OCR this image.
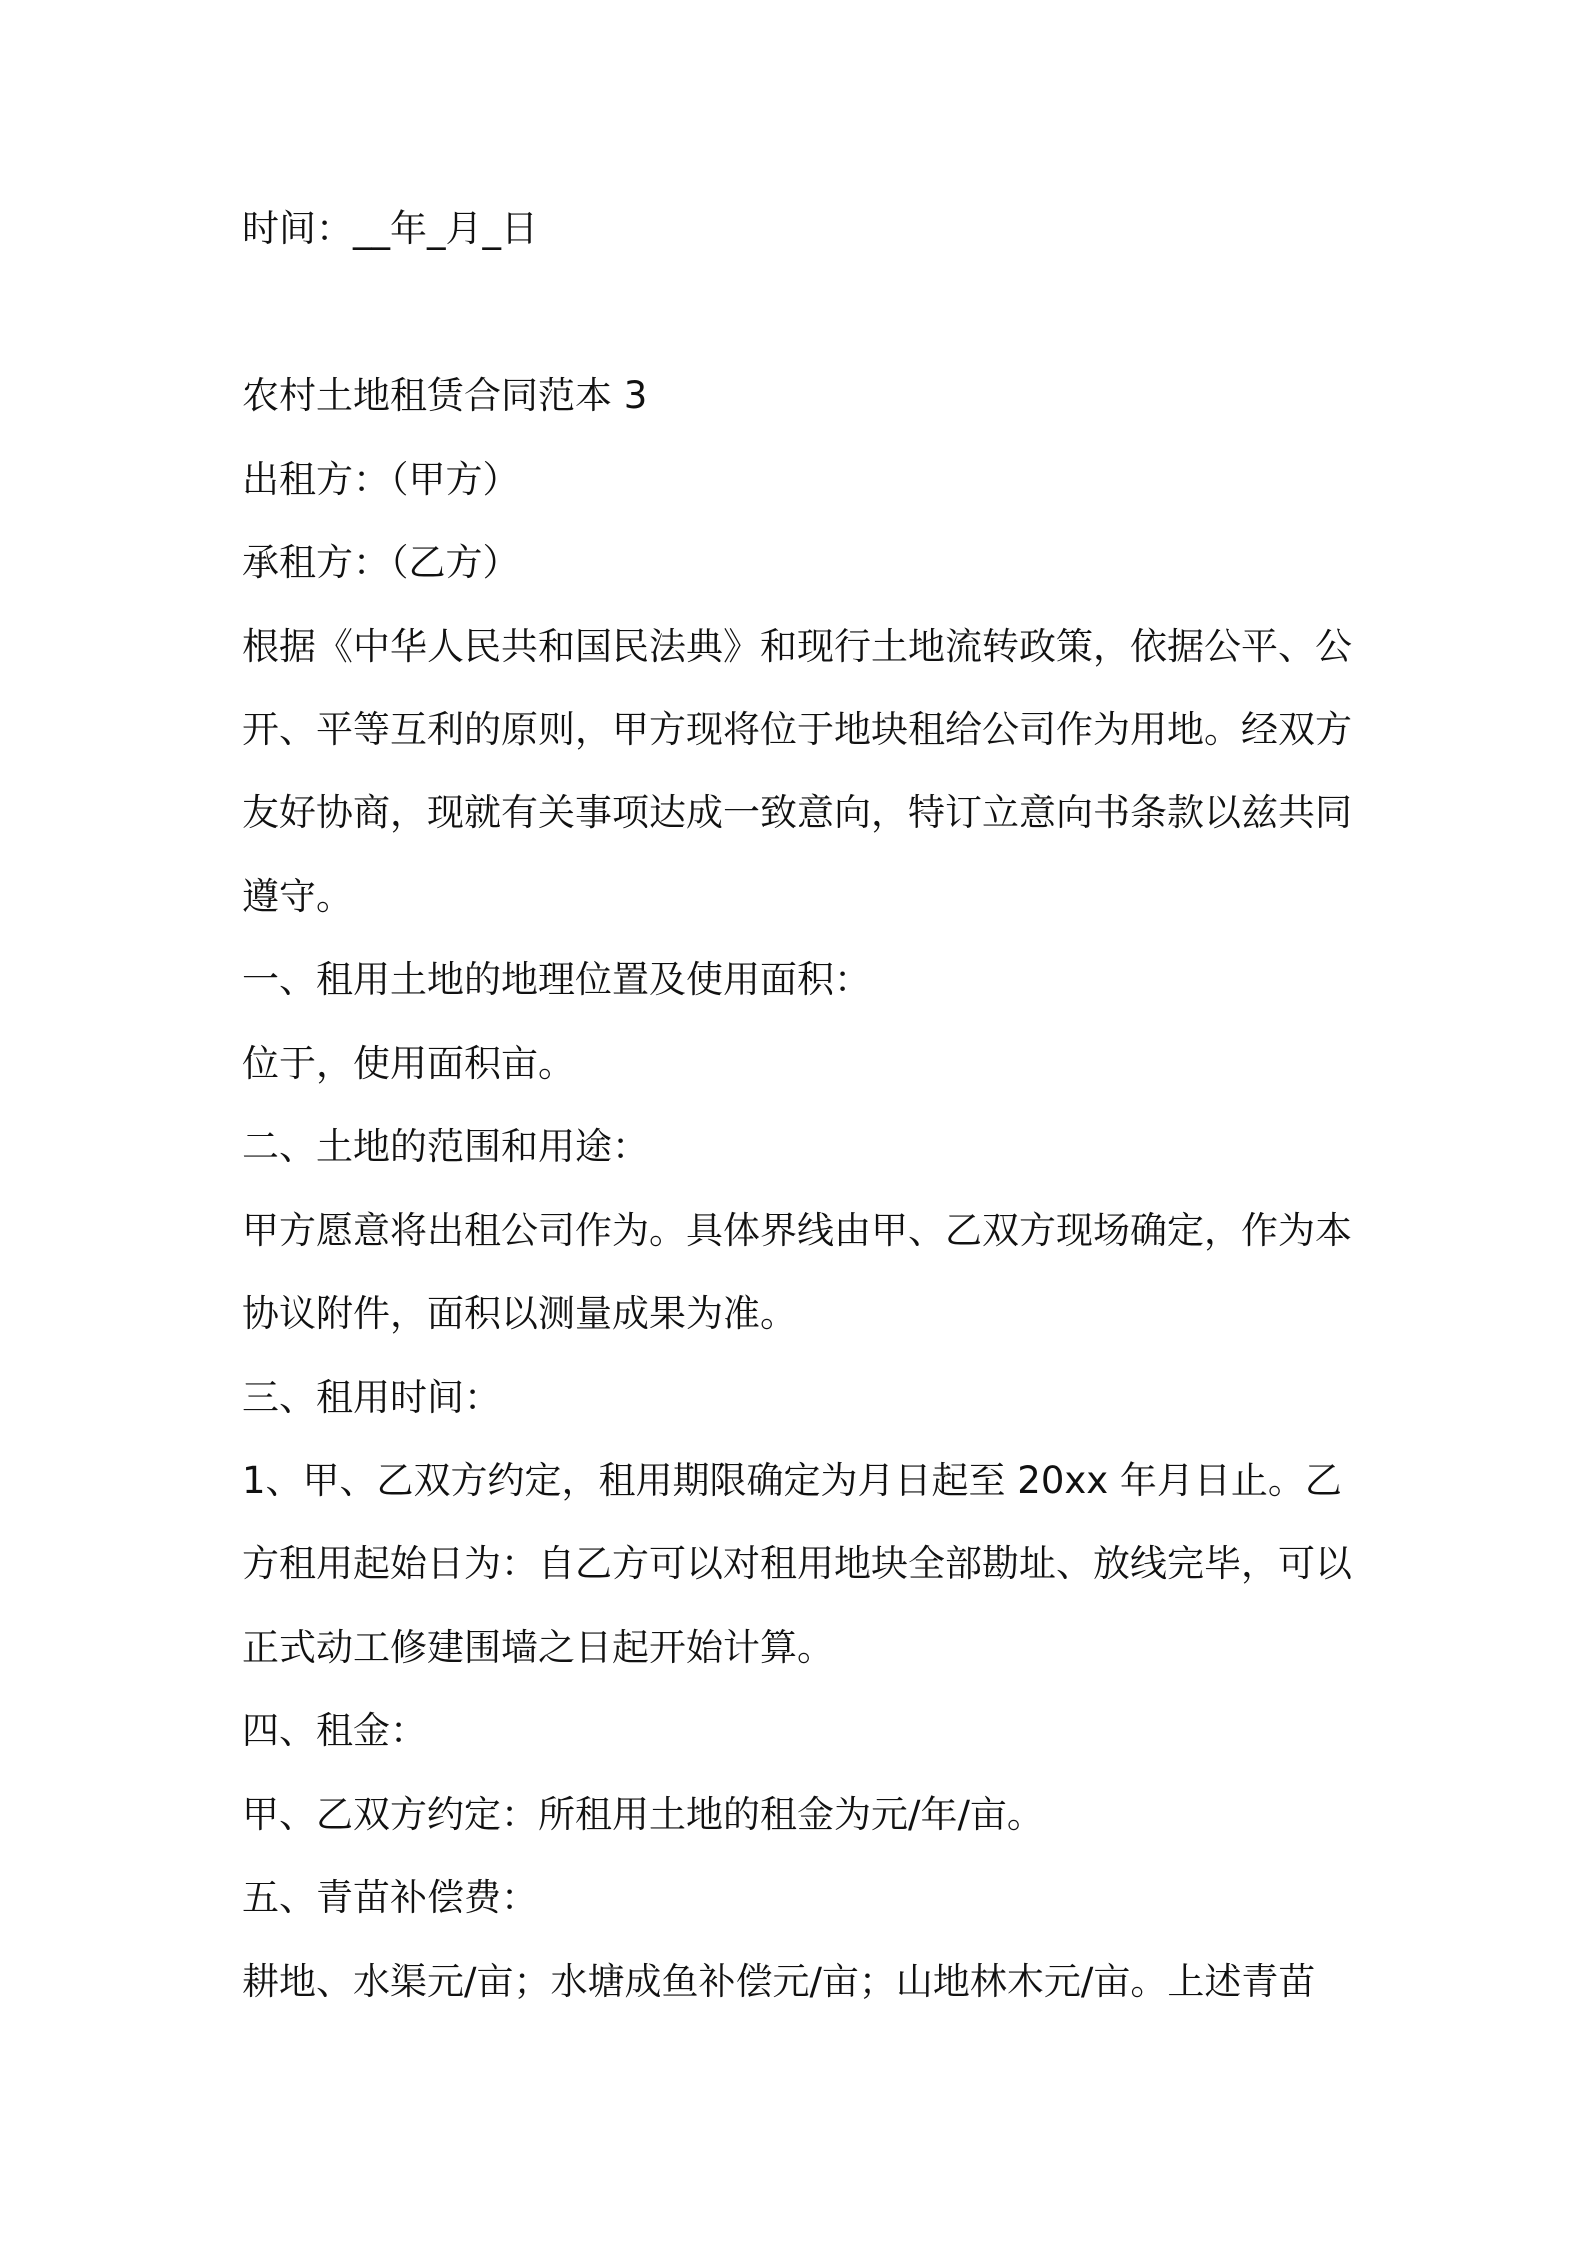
时间：__年_月_日
农村土地租赁合同范本 3
出租方：（甲方）
承租方：（乙方）
根据《中华人民共和国民法典》和现行土地流转政策，依据公平、公
开、平等互利的原则，甲方现将位于地块租给公司作为用地。经双方
友好协商，现就有关事项达成一致意向，特订立意向书条款以兹共同
遵守。
一、租用土地的地理位置及使用面积：
位于，使用面积亩。
二、土地的范围和用途：
甲方愿意将出租公司作为。具体界线由甲、乙双方现场确定，作为本
协议附件，面积以测量成果为准。
三、租用时间：
1、甲、乙双方约定，租用期限确定为月日起至 20xx 年月日止。乙
方租用起始日为：自乙方可以对租用地块全部勘址、放线完毕，可以
正式动工修建围墙之日起开始计算。
四、租金：
甲、乙双方约定：所租用土地的租金为元/年/亩。
五、青苗补偿费：
耕地、水渠元/亩；水塘成鱼补偿元/亩；山地林木元/亩。上述青苗
